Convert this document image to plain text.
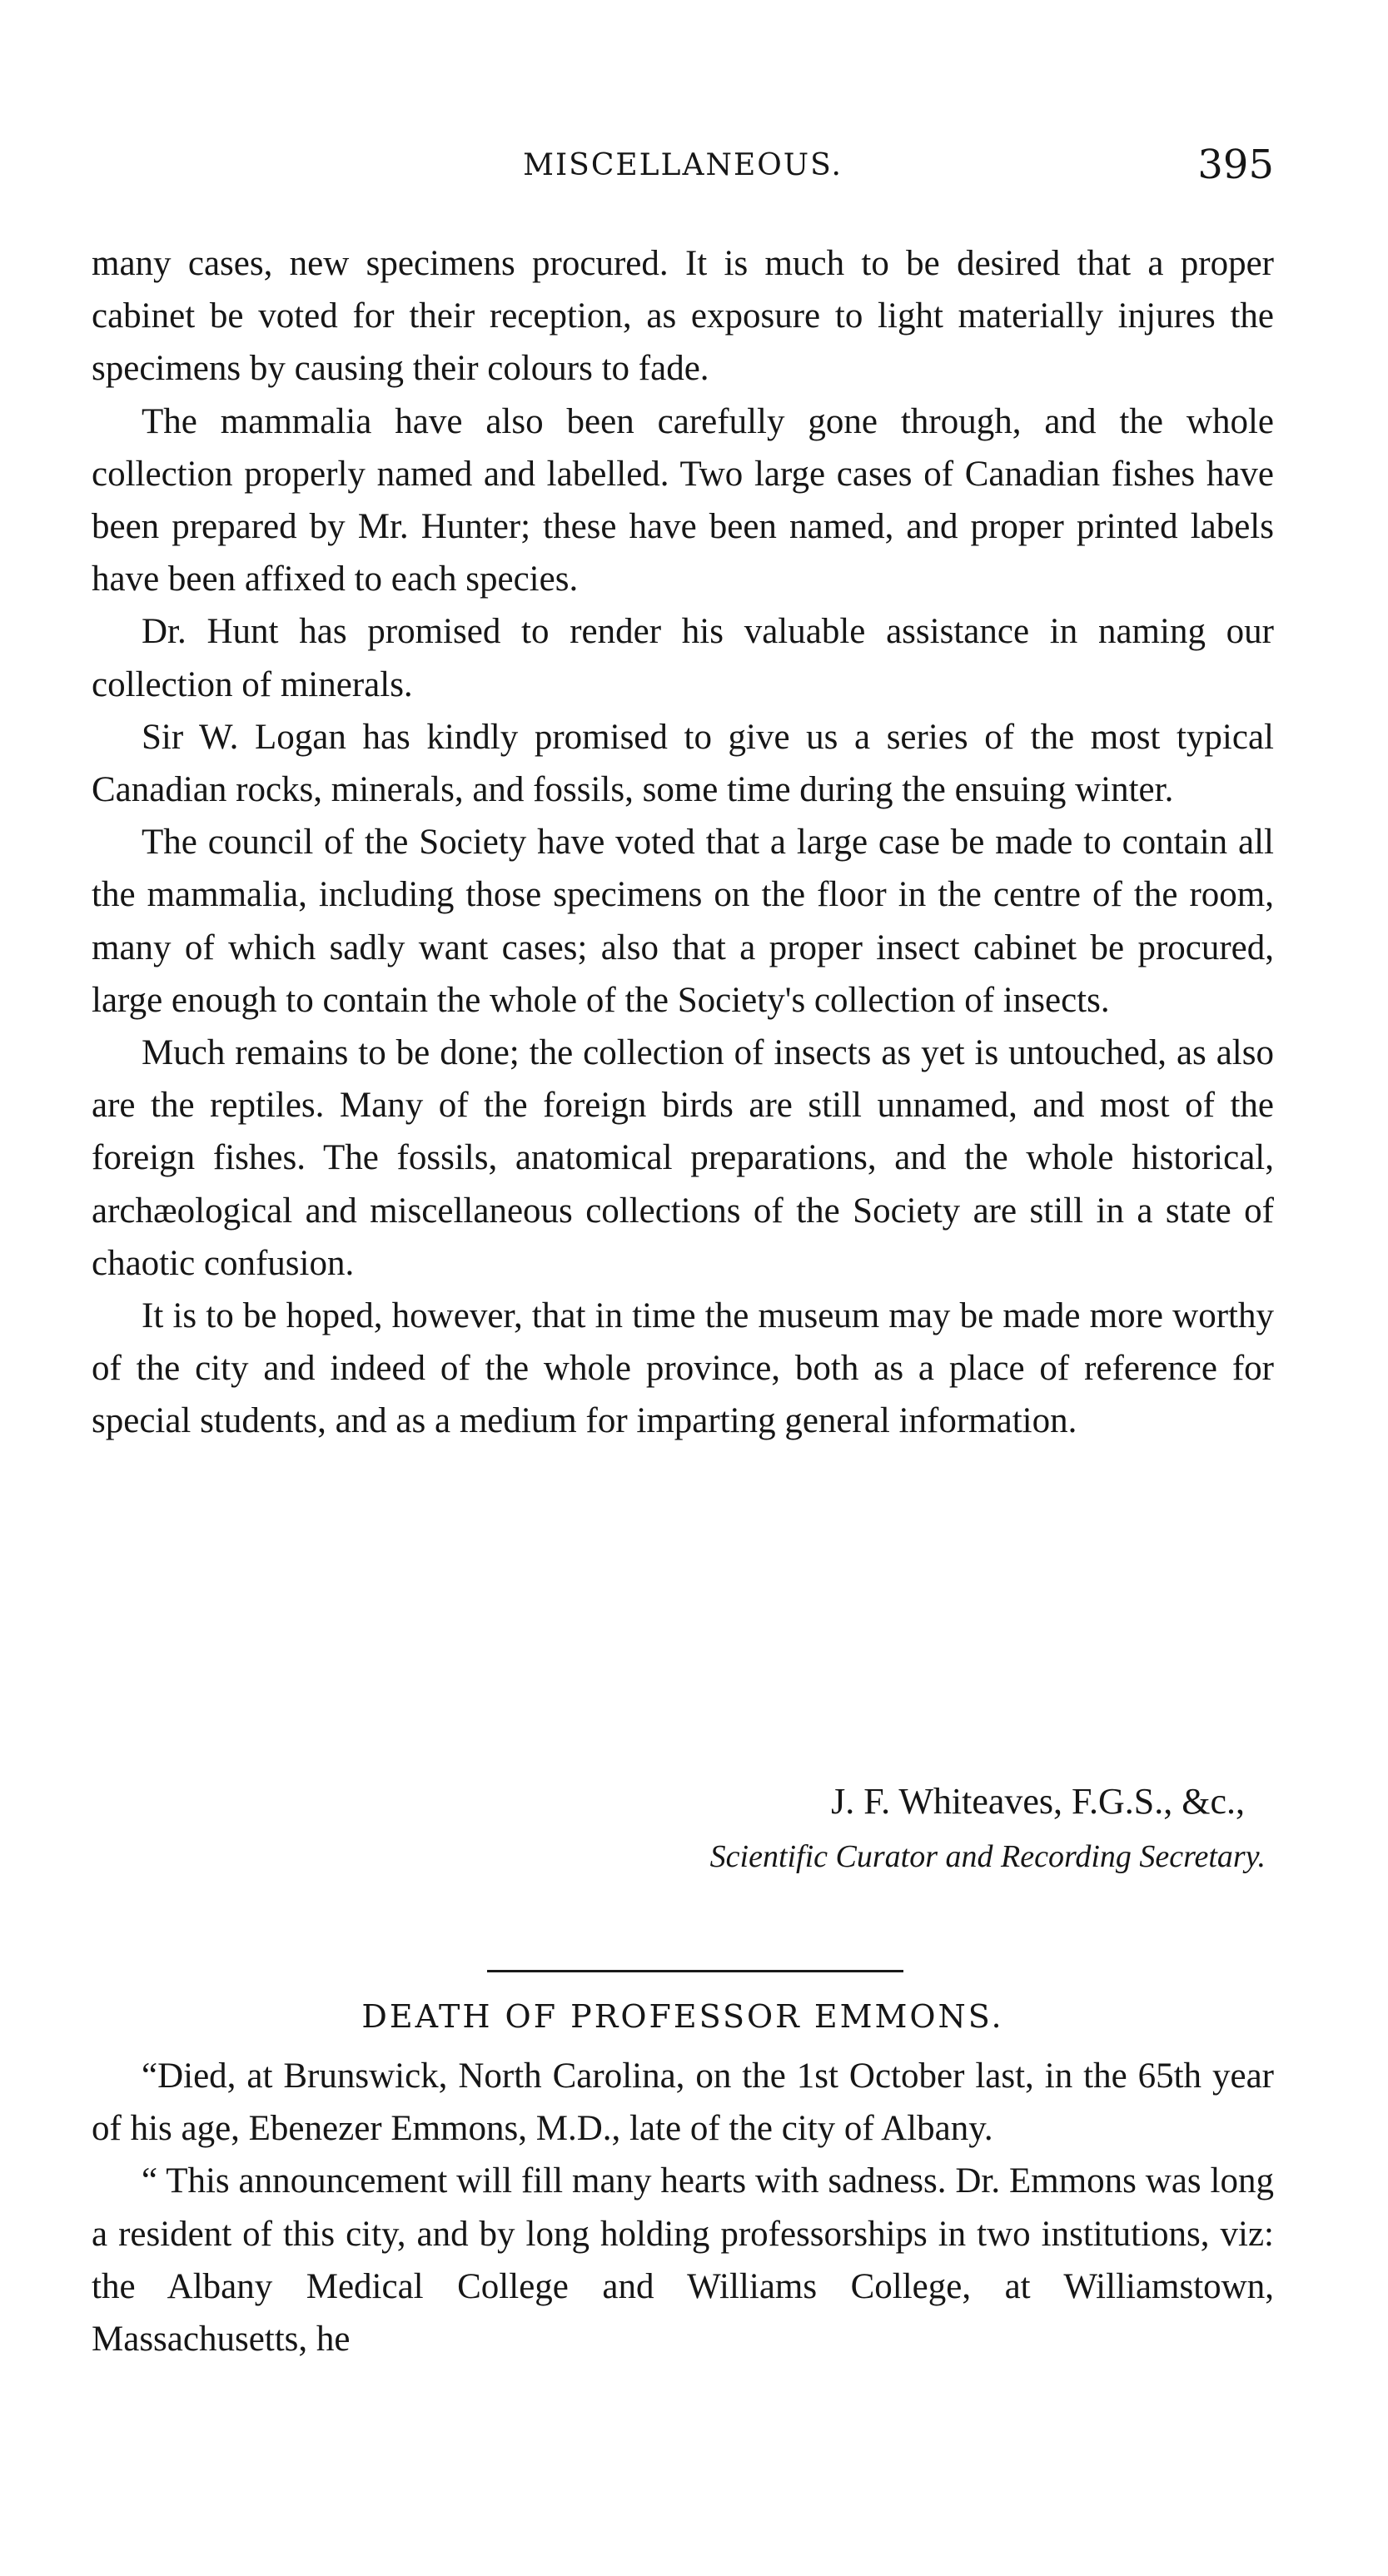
MISCELLANEOUS.	395

many cases, new specimens procured. It is much to be desired that a proper cabinet be voted for their reception, as exposure to light materially injures the specimens by causing their colours to fade.

The mammalia have also been carefully gone through, and the whole collection properly named and labelled. Two large cases of Canadian fishes have been prepared by Mr. Hunter; these have been named, and proper printed labels have been affixed to each species.

Dr. Hunt has promised to render his valuable assistance in naming our collection of minerals.

Sir W. Logan has kindly promised to give us a series of the most typical Canadian rocks, minerals, and fossils, some time during the ensuing winter.

The council of the Society have voted that a large case be made to contain all the mammalia, including those specimens on the floor in the centre of the room, many of which sadly want cases; also that a proper insect cabinet be procured, large enough to contain the whole of the Society's collection of insects.

Much remains to be done; the collection of insects as yet is untouched, as also are the reptiles. Many of the foreign birds are still unnamed, and most of the foreign fishes. The fossils, anatomical preparations, and the whole historical, archæological and miscellaneous collections of the Society are still in a state of chaotic confusion.

It is to be hoped, however, that in time the museum may be made more worthy of the city and indeed of the whole province, both as a place of reference for special students, and as a medium for imparting general information.

J. F. Whiteaves, F.G.S., &c.,
Scientific Curator and Recording Secretary.
DEATH OF PROFESSOR EMMONS.

“Died, at Brunswick, North Carolina, on the 1st October last, in the 65th year of his age, Ebenezer Emmons, M.D., late of the city of Albany.

“ This announcement will fill many hearts with sadness. Dr. Emmons was long a resident of this city, and by long holding professorships in two institutions, viz: the Albany Medical College and Williams College, at Williamstown, Massachusetts, he
